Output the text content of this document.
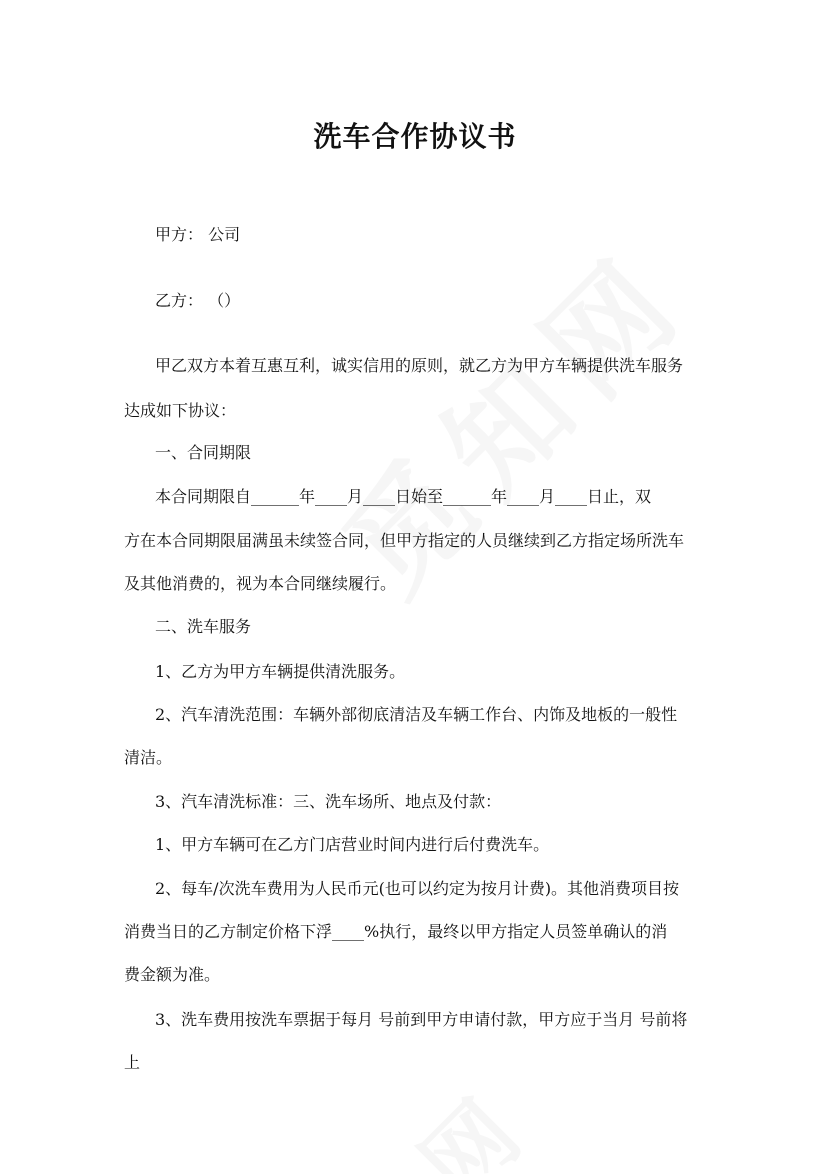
洗车合作协议书
甲方： 公司
乙方： （）
甲乙双方本着互惠互利，诚实信用的原则，就乙方为甲方车辆提供洗车服务
达成如下协议：
一、合同期限
本合同期限自______年____月____日始至______年____月____日止，双
方在本合同期限届满虽未续签合同，但甲方指定的人员继续到乙方指定场所洗车
及其他消费的，视为本合同继续履行。
二、洗车服务
1、乙方为甲方车辆提供清洗服务。
2、汽车清洗范围：车辆外部彻底清洁及车辆工作台、内饰及地板的一般性
清洁。
3、汽车清洗标准：三、洗车场所、地点及付款：
1、甲方车辆可在乙方门店营业时间内进行后付费洗车。
2、每车/次洗车费用为人民币元(也可以约定为按月计费)。其他消费项目按
消费当日的乙方制定价格下浮____%执行，最终以甲方指定人员签单确认的消
费金额为准。
3、洗车费用按洗车票据于每月 号前到甲方申请付款，甲方应于当月 号前将
上
